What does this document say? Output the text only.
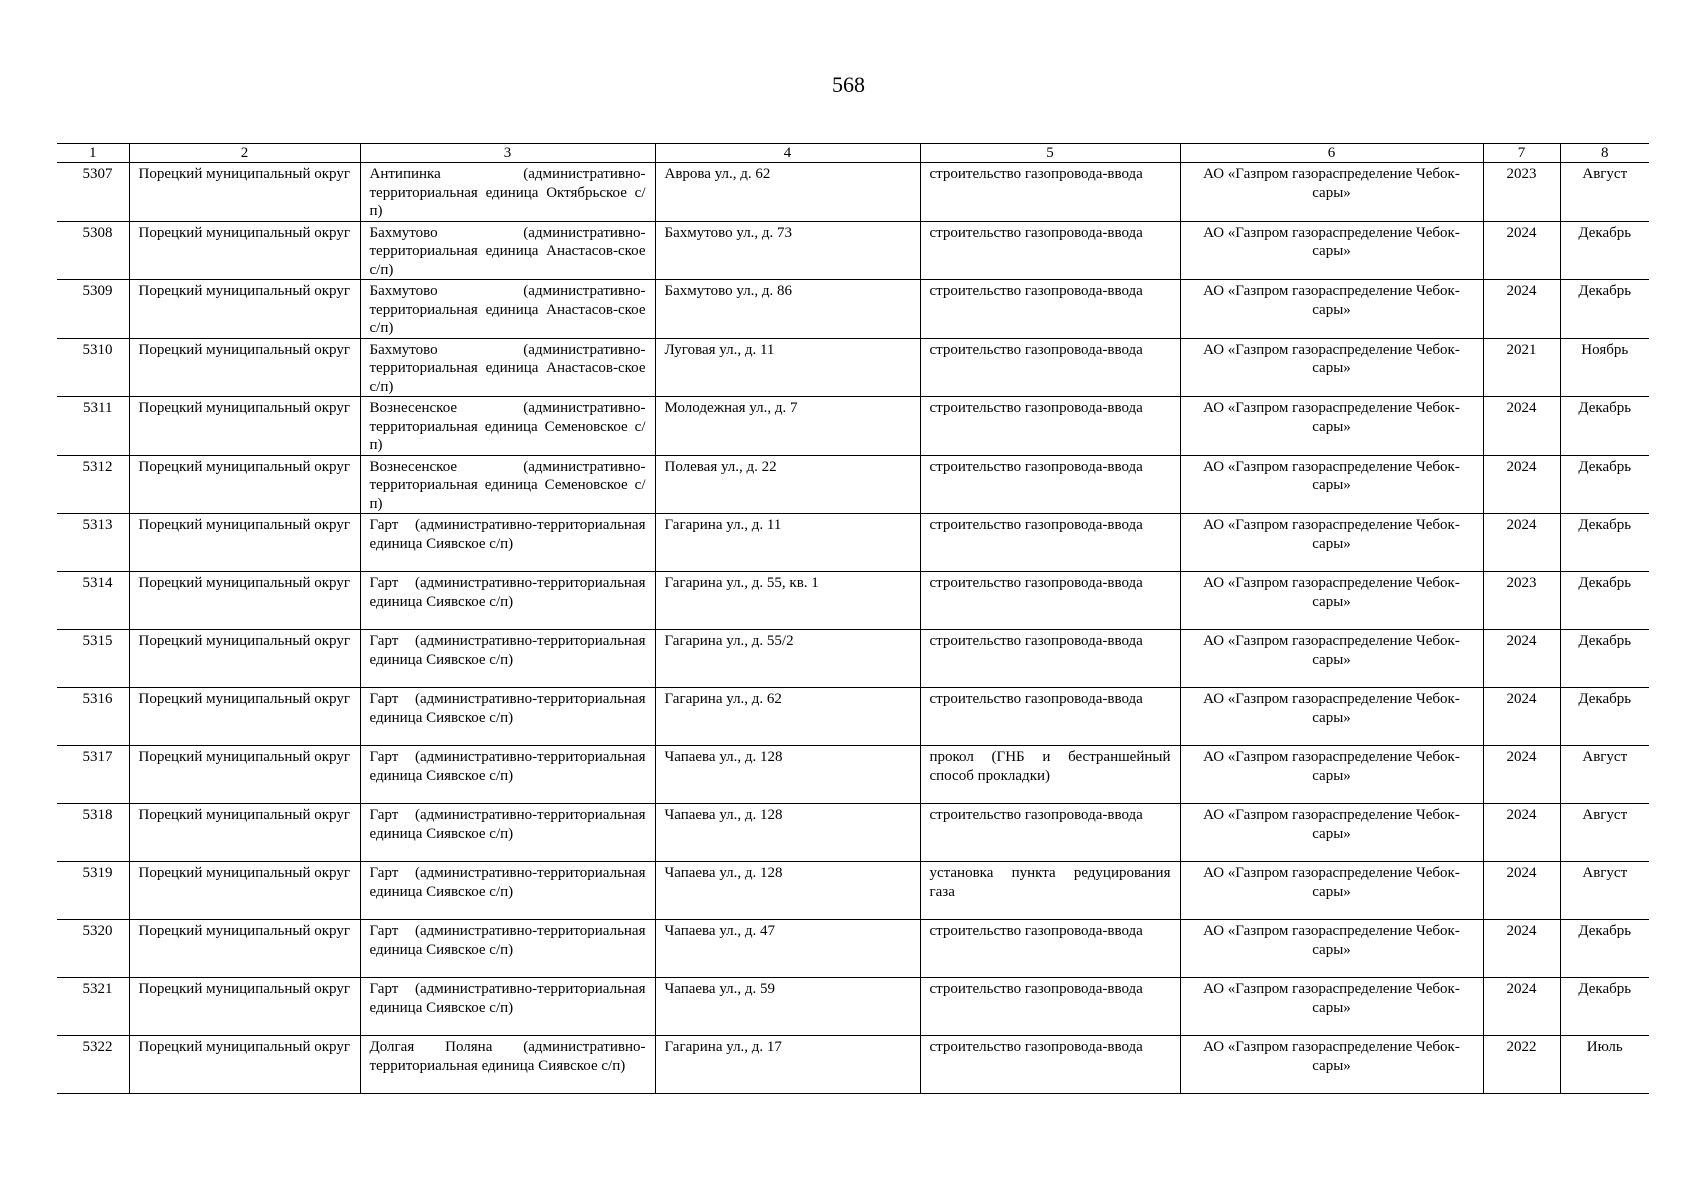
568
1	2	3	4	5	6	7	8
5307	Порецкий муниципальный округ	Антипинка (административно-территориальная единица Октябрьское с/п)	Аврова ул., д. 62	строительство газопровода-ввода	АО «Газпром газораспределение Чебок-сары»	2023	Август
5308	Порецкий муниципальный округ	Бахмутово (административно-территориальная единица Анастасов-ское с/п)	Бахмутово ул., д. 73	строительство газопровода-ввода	АО «Газпром газораспределение Чебок-сары»	2024	Декабрь
5309	Порецкий муниципальный округ	Бахмутово (административно-территориальная единица Анастасов-ское с/п)	Бахмутово ул., д. 86	строительство газопровода-ввода	АО «Газпром газораспределение Чебок-сары»	2024	Декабрь
5310	Порецкий муниципальный округ	Бахмутово (административно-территориальная единица Анастасов-ское с/п)	Луговая ул., д. 11	строительство газопровода-ввода	АО «Газпром газораспределение Чебок-сары»	2021	Ноябрь
5311	Порецкий муниципальный округ	Вознесенское (административно-территориальная единица Семеновское с/п)	Молодежная ул., д. 7	строительство газопровода-ввода	АО «Газпром газораспределение Чебок-сары»	2024	Декабрь
5312	Порецкий муниципальный округ	Вознесенское (административно-территориальная единица Семеновское с/п)	Полевая ул., д. 22	строительство газопровода-ввода	АО «Газпром газораспределение Чебок-сары»	2024	Декабрь
5313	Порецкий муниципальный округ	Гарт (административно-территориальная единица Сиявское с/п)	Гагарина ул., д. 11	строительство газопровода-ввода	АО «Газпром газораспределение Чебок-сары»	2024	Декабрь
5314	Порецкий муниципальный округ	Гарт (административно-территориальная единица Сиявское с/п)	Гагарина ул., д. 55, кв. 1	строительство газопровода-ввода	АО «Газпром газораспределение Чебок-сары»	2023	Декабрь
5315	Порецкий муниципальный округ	Гарт (административно-территориальная единица Сиявское с/п)	Гагарина ул., д. 55/2	строительство газопровода-ввода	АО «Газпром газораспределение Чебок-сары»	2024	Декабрь
5316	Порецкий муниципальный округ	Гарт (административно-территориальная единица Сиявское с/п)	Гагарина ул., д. 62	строительство газопровода-ввода	АО «Газпром газораспределение Чебок-сары»	2024	Декабрь
5317	Порецкий муниципальный округ	Гарт (административно-территориальная единица Сиявское с/п)	Чапаева ул., д. 128	прокол (ГНБ и бестраншейный способ прокладки)	АО «Газпром газораспределение Чебок-сары»	2024	Август
5318	Порецкий муниципальный округ	Гарт (административно-территориальная единица Сиявское с/п)	Чапаева ул., д. 128	строительство газопровода-ввода	АО «Газпром газораспределение Чебок-сары»	2024	Август
5319	Порецкий муниципальный округ	Гарт (административно-территориальная единица Сиявское с/п)	Чапаева ул., д. 128	установка пункта редуцирования газа	АО «Газпром газораспределение Чебок-сары»	2024	Август
5320	Порецкий муниципальный округ	Гарт (административно-территориальная единица Сиявское с/п)	Чапаева ул., д. 47	строительство газопровода-ввода	АО «Газпром газораспределение Чебок-сары»	2024	Декабрь
5321	Порецкий муниципальный округ	Гарт (административно-территориальная единица Сиявское с/п)	Чапаева ул., д. 59	строительство газопровода-ввода	АО «Газпром газораспределение Чебок-сары»	2024	Декабрь
5322	Порецкий муниципальный округ	Долгая Поляна (административно-территориальная единица Сиявское с/п)	Гагарина ул., д. 17	строительство газопровода-ввода	АО «Газпром газораспределение Чебок-сары»	2022	Июль
